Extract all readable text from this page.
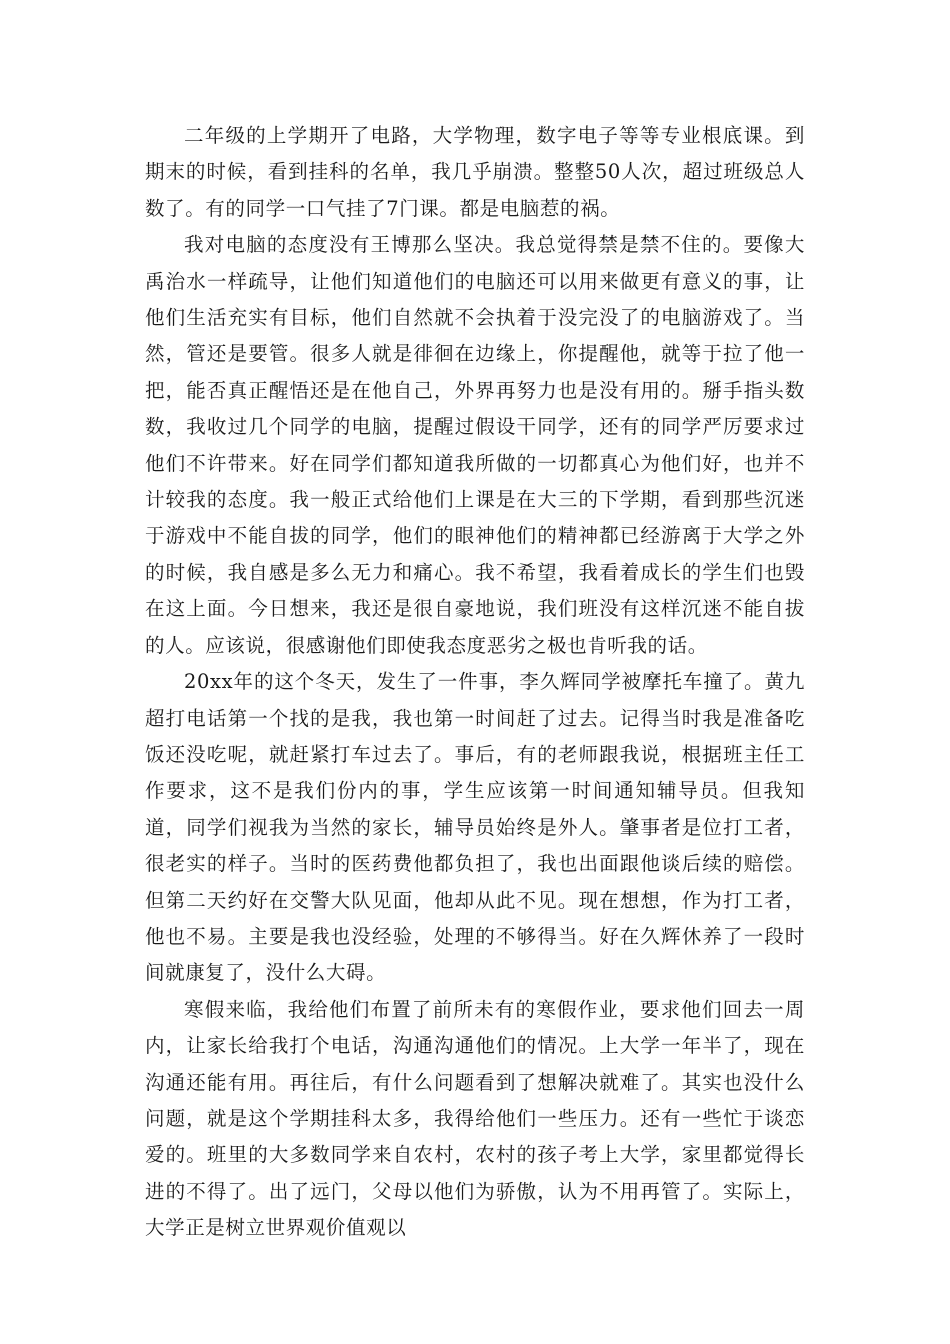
二年级的上学期开了电路，大学物理，数字电子等等专业根底课。到期末的时候，看到挂科的名单，我几乎崩溃。整整50人次，超过班级总人数了。有的同学一口气挂了7门课。都是电脑惹的祸。

我对电脑的态度没有王博那么坚决。我总觉得禁是禁不住的。要像大禹治水一样疏导，让他们知道他们的电脑还可以用来做更有意义的事，让他们生活充实有目标，他们自然就不会执着于没完没了的电脑游戏了。当然，管还是要管。很多人就是徘徊在边缘上，你提醒他，就等于拉了他一把，能否真正醒悟还是在他自己，外界再努力也是没有用的。掰手指头数数，我收过几个同学的电脑，提醒过假设干同学，还有的同学严厉要求过他们不许带来。好在同学们都知道我所做的一切都真心为他们好，也并不计较我的态度。我一般正式给他们上课是在大三的下学期，看到那些沉迷于游戏中不能自拔的同学，他们的眼神他们的精神都已经游离于大学之外的时候，我自感是多么无力和痛心。我不希望，我看着成长的学生们也毁在这上面。今日想来，我还是很自豪地说，我们班没有这样沉迷不能自拔的人。应该说，很感谢他们即使我态度恶劣之极也肯听我的话。

20xx年的这个冬天，发生了一件事，李久辉同学被摩托车撞了。黄九超打电话第一个找的是我，我也第一时间赶了过去。记得当时我是准备吃饭还没吃呢，就赶紧打车过去了。事后，有的老师跟我说，根据班主任工作要求，这不是我们份内的事，学生应该第一时间通知辅导员。但我知道，同学们视我为当然的家长，辅导员始终是外人。肇事者是位打工者，很老实的样子。当时的医药费他都负担了，我也出面跟他谈后续的赔偿。但第二天约好在交警大队见面，他却从此不见。现在想想，作为打工者，他也不易。主要是我也没经验，处理的不够得当。好在久辉休养了一段时间就康复了，没什么大碍。

寒假来临，我给他们布置了前所未有的寒假作业，要求他们回去一周内，让家长给我打个电话，沟通沟通他们的情况。上大学一年半了，现在沟通还能有用。再往后，有什么问题看到了想解决就难了。其实也没什么问题，就是这个学期挂科太多，我得给他们一些压力。还有一些忙于谈恋爱的。班里的大多数同学来自农村，农村的孩子考上大学，家里都觉得长进的不得了。出了远门，父母以他们为骄傲，认为不用再管了。实际上，大学正是树立世界观价值观以
